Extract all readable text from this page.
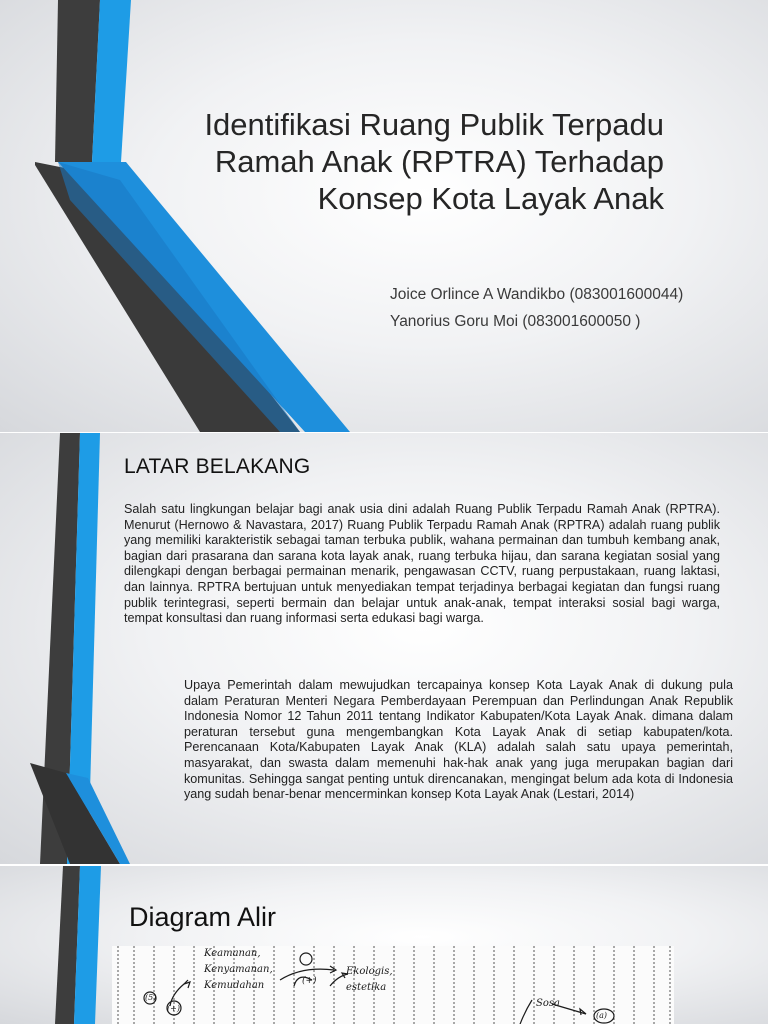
Identifikasi Ruang Publik Terpadu
Ramah Anak (RPTRA) Terhadap
Konsep Kota Layak Anak
Joice Orlince A Wandikbo (083001600044)
Yanorius Goru Moi (083001600050 )
LATAR BELAKANG

Salah satu lingkungan belajar bagi anak usia dini adalah Ruang Publik Terpadu Ramah Anak (RPTRA). Menurut (Hernowo & Navastara, 2017) Ruang Publik Terpadu Ramah Anak (RPTRA) adalah ruang publik yang memiliki karakteristik sebagai taman terbuka publik, wahana permainan dan tumbuh kembang anak, bagian dari prasarana dan sarana kota layak anak, ruang terbuka hijau, dan sarana kegiatan sosial yang dilengkapi dengan berbagai permainan menarik, pengawasan CCTV, ruang perpustakaan, ruang laktasi, dan lainnya. RPTRA bertujuan untuk menyediakan tempat terjadinya berbagai kegiatan dan fungsi ruang publik terintegrasi, seperti bermain dan belajar untuk anak-anak, tempat interaksi sosial bagi warga, tempat konsultasi dan ruang informasi serta edukasi bagi warga.

Upaya Pemerintah dalam mewujudkan tercapainya konsep Kota Layak Anak di dukung pula dalam Peraturan Menteri Negara Pemberdayaan Perempuan dan Perlindungan Anak Republik Indonesia Nomor 12 Tahun 2011 tentang Indikator Kabupaten/Kota Layak Anak. dimana dalam peraturan tersebut guna mengembangkan Kota Layak Anak di setiap kabupaten/kota. Perencanaan Kota/Kabupaten Layak Anak (KLA) adalah salah satu upaya pemerintah, masyarakat, dan swasta dalam memenuhi hak-hak anak yang juga merupakan bagian dari komunitas. Sehingga sangat penting untuk direncanakan, mengingat belum ada kota di Indonesia yang sudah benar-benar mencerminkan konsep Kota Layak Anak (Lestari, 2014)

Diagram Alir
Keamanan,
Kenyamanan,
Kemudahan
Ekologis,
estetika
Sosa
(+)
(5)
(+)
(a)
